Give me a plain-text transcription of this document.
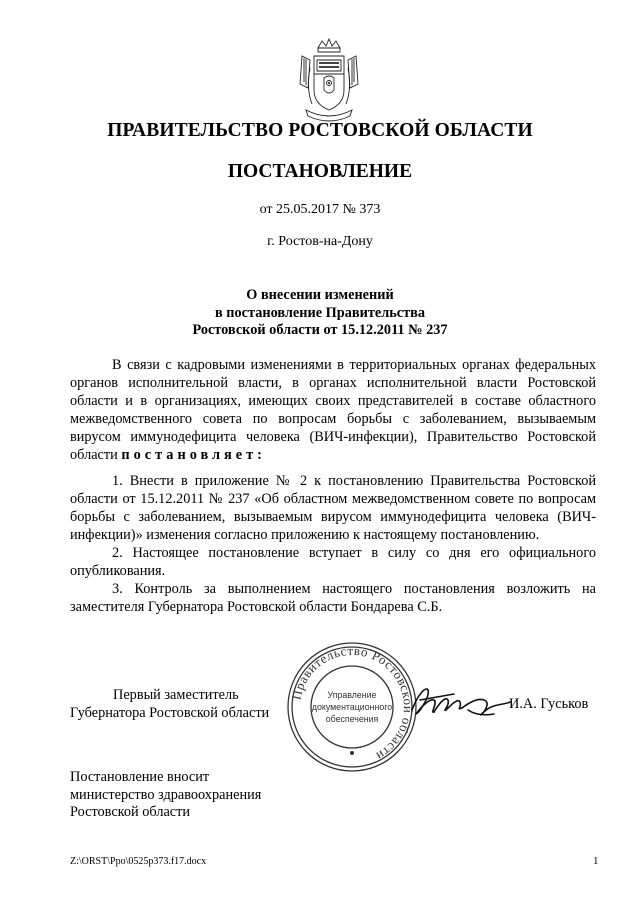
ПРАВИТЕЛЬСТВО РОСТОВСКОЙ ОБЛАСТИ
ПОСТАНОВЛЕНИЕ
от 25.05.2017 № 373
г. Ростов-на-Дону
О внесении изменений
в постановление Правительства
Ростовской области от 15.12.2011 № 237

В связи с кадровыми изменениями в территориальных органах федеральных органов исполнительной власти, в органах исполнительной власти Ростовской области и в организациях, имеющих своих представителей в составе областного межведомственного совета по вопросам борьбы с заболеванием, вызываемым вирусом иммунодефицита человека (ВИЧ-инфекции), Правительство Ростовской области постановляет:

1. Внести в приложение № 2 к постановлению Правительства Ростовской области от 15.12.2011 № 237 «Об областном межведомственном совете по вопросам борьбы с заболеванием, вызываемым вирусом иммунодефицита человека (ВИЧ-инфекции)» изменения согласно приложению к настоящему постановлению.

2. Настоящее постановление вступает в силу со дня его официального опубликования.

3. Контроль за выполнением настоящего постановления возложить на заместителя Губернатора Ростовской области Бондарева С.Б.

Правительство Ростовской области
Управление
документационного
обеспечения
Первый заместитель
Губернатора Ростовской области
И.А. Гуськов
Постановление вносит
министерство здравоохранения
Ростовской области
Z:\ORST\Ppo\0525p373.f17.docx	1
